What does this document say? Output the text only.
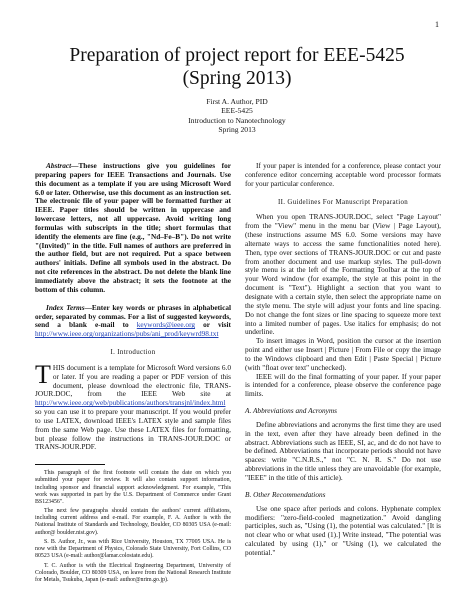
1
Preparation of project report for EEE-5425
(Spring 2013)
First A. Author, PID
EEE-5425
Introduction to Nanotechnology
Spring 2013

Abstract—These instructions give you guidelines for preparing papers for IEEE Transactions and Journals. Use this document as a template if you are using Microsoft Word 6.0 or later. Otherwise, use this document as an instruction set. The electronic file of your paper will be formatted further at IEEE. Paper titles should be written in uppercase and lowercase letters, not all uppercase. Avoid writing long formulas with subscripts in the title; short formulas that identify the elements are fine (e.g., "Nd–Fe–B"). Do not write "(Invited)" in the title. Full names of authors are preferred in the author field, but are not required. Put a space between authors' initials. Define all symbols used in the abstract. Do not cite references in the abstract. Do not delete the blank line immediately above the abstract; it sets the footnote at the bottom of this column.

Index Terms—Enter key words or phrases in alphabetical order, separated by commas. For a list of suggested keywords, send a blank e-mail to keywords@ieee.org or visit http://www.ieee.org/organizations/pubs/ani_prod/keywrd98.txt

I. Introduction

THIS document is a template for Microsoft Word versions 6.0 or later. If you are reading a paper or PDF version of this document, please download the electronic file, TRANS-JOUR.DOC, from the IEEE Web site at http://www.ieee.org/web/publications/authors/transjnl/index.html so you can use it to prepare your manuscript. If you would prefer to use LATEX, download IEEE's LATEX style and sample files from the same Web page. Use these LATEX files for formatting, but please follow the instructions in TRANS-JOUR.DOC or TRANS-JOUR.PDF.

This paragraph of the first footnote will contain the date on which you submitted your paper for review. It will also contain support information, including sponsor and financial support acknowledgment. For example, "This work was supported in part by the U.S. Department of Commerce under Grant BS123456".

The next few paragraphs should contain the authors' current affiliations, including current address and e-mail. For example, F. A. Author is with the National Institute of Standards and Technology, Boulder, CO 80305 USA (e-mail: author@ boulder.nist.gov).

S. B. Author, Jr., was with Rice University, Houston, TX 77005 USA. He is now with the Department of Physics, Colorado State University, Fort Collins, CO 80523 USA (e-mail: author@lamar.colostate.edu).

T. C. Author is with the Electrical Engineering Department, University of Colorado, Boulder, CO 80309 USA, on leave from the National Research Institute for Metals, Tsukuba, Japan (e-mail: author@nrim.go.jp).

If your paper is intended for a conference, please contact your conference editor concerning acceptable word processor formats for your particular conference.

II. Guidelines For Manuscript Preparation

When you open TRANS-JOUR.DOC, select "Page Layout" from the "View" menu in the menu bar (View | Page Layout), (these instructions assume MS 6.0. Some versions may have alternate ways to access the same functionalities noted here). Then, type over sections of TRANS-JOUR.DOC or cut and paste from another document and use markup styles. The pull-down style menu is at the left of the Formatting Toolbar at the top of your Word window (for example, the style at this point in the document is "Text"). Highlight a section that you want to designate with a certain style, then select the appropriate name on the style menu. The style will adjust your fonts and line spacing. Do not change the font sizes or line spacing to squeeze more text into a limited number of pages. Use italics for emphasis; do not underline.

To insert images in Word, position the cursor at the insertion point and either use Insert | Picture | From File or copy the image to the Windows clipboard and then Edit | Paste Special | Picture (with "float over text" unchecked).

IEEE will do the final formatting of your paper. If your paper is intended for a conference, please observe the conference page limits.

A. Abbreviations and Acronyms

Define abbreviations and acronyms the first time they are used in the text, even after they have already been defined in the abstract. Abbreviations such as IEEE, SI, ac, and dc do not have to be defined. Abbreviations that incorporate periods should not have spaces: write "C.N.R.S.," not "C. N. R. S." Do not use abbreviations in the title unless they are unavoidable (for example, "IEEE" in the title of this article).

B. Other Recommendations

Use one space after periods and colons. Hyphenate complex modifiers: "zero-field-cooled magnetization." Avoid dangling participles, such as, "Using (1), the potential was calculated." [It is not clear who or what used (1).] Write instead, "The potential was calculated by using (1)," or "Using (1), we calculated the potential."
